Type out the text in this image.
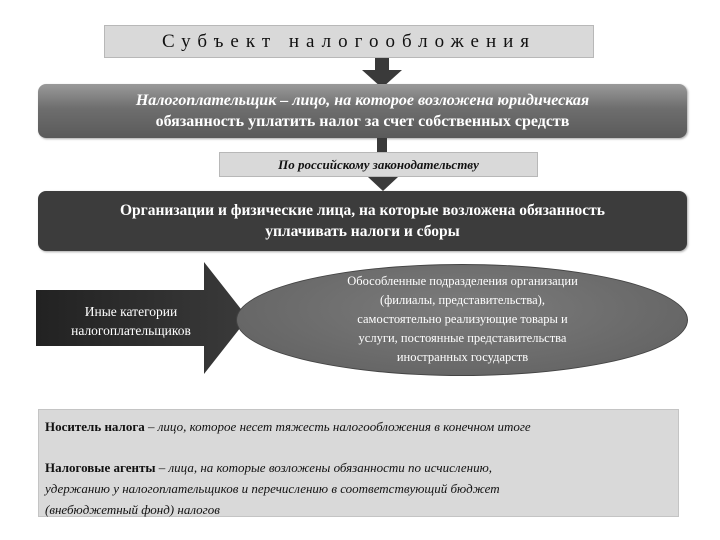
Субъект налогообложения
Налогоплательщик – лицо, на которое возложена юридическая
обязанность уплатить налог за счет собственных средств
По российскому законодательству
Организации и физические лица, на которые возложена обязанность
уплачивать налоги и сборы
Иные категории
налогоплательщиков
Обособленные подразделения организации
(филиалы, представительства),
самостоятельно реализующие товары и
услуги, постоянные представительства
иностранных государств
Носитель налога – лицо, которое несет тяжесть налогообложения в конечном итоге
Налоговые агенты – лица, на которые возложены обязанности по исчислению,
удержанию у налогоплательщиков и перечислению в соответствующий бюджет
(внебюджетный фонд) налогов
